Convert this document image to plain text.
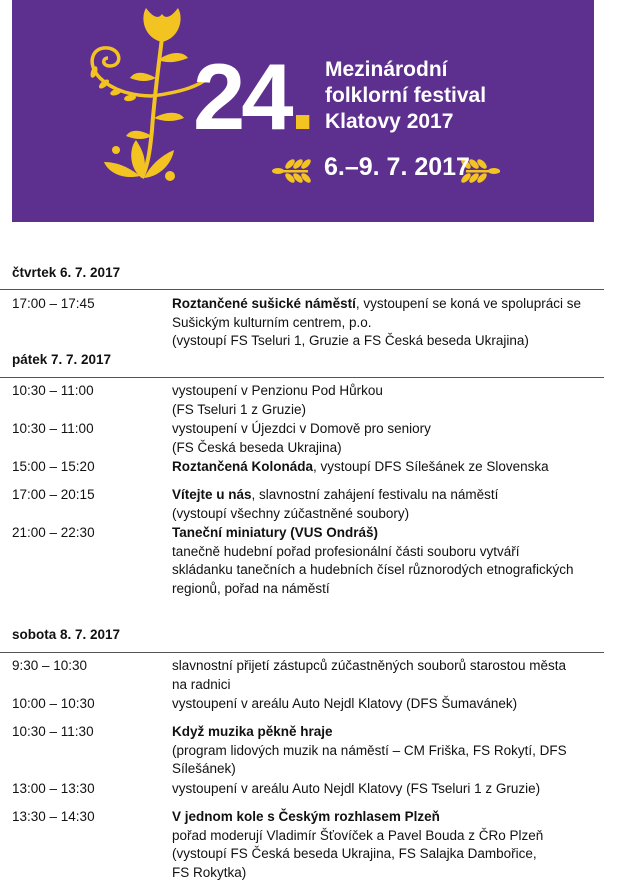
24. Mezinárodní
folklorní festival
Klatovy 2017
6.–9. 7. 2017
čtvrtek 6. 7. 2017
17:00 – 17:45	Roztančené sušické náměstí, vystoupení se koná ve spolupráci se
Sušickým kulturním centrem, p.o.
(vystoupí FS Tseluri 1, Gruzie a FS Česká beseda Ukrajina)
pátek 7. 7. 2017
10:30 – 11:00	vystoupení v Penzionu Pod Hůrkou
(FS Tseluri 1 z Gruzie)
10:30 – 11:00	vystoupení v Újezdci v Domově pro seniory
(FS Česká beseda Ukrajina)
15:00 – 15:20	Roztančená Kolonáda, vystoupí DFS Sílešánek ze Slovenska
17:00 – 20:15	Vítejte u nás, slavnostní zahájení festivalu na náměstí
(vystoupí všechny zúčastněné soubory)
21:00 – 22:30	Taneční miniatury (VUS Ondráš)
tanečně hudební pořad profesionální části souboru vytváří
skládanku tanečních a hudebních čísel různorodých etnografických
regionů, pořad na náměstí
sobota 8. 7. 2017
9:30 – 10:30	slavnostní přijetí zástupců zúčastněných souborů starostou města
na radnici
10:00 – 10:30	vystoupení v areálu Auto Nejdl Klatovy (DFS Šumavánek)
10:30 – 11:30	Když muzika pěkně hraje
(program lidových muzik na náměstí – CM Friška, FS Rokytí, DFS
Sílešánek)
13:00 – 13:30	vystoupení v areálu Auto Nejdl Klatovy (FS Tseluri 1 z Gruzie)
13:30 – 14:30	V jednom kole s Českým rozhlasem Plzeň
pořad moderují Vladimír Šťovíček a Pavel Bouda z ČRo Plzeň
(vystoupí FS Česká beseda Ukrajina, FS Salajka Dambořice,
FS Rokytka)
